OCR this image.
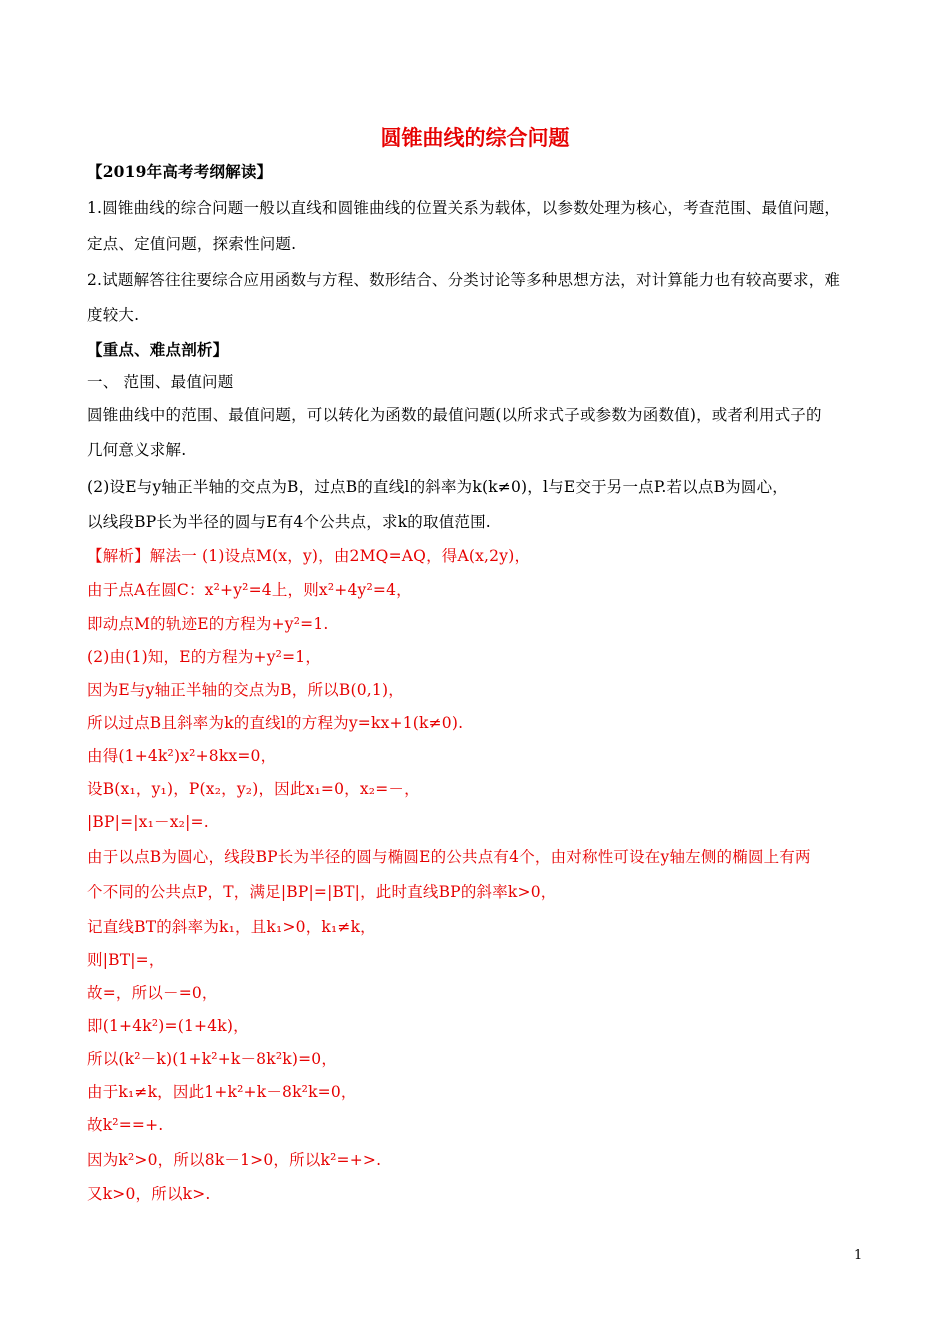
圆锥曲线的综合问题
【2019年高考考纲解读】
1.圆锥曲线的综合问题一般以直线和圆锥曲线的位置关系为载体，以参数处理为核心，考查范围、最值问题，
定点、定值问题，探索性问题.
2.试题解答往往要综合应用函数与方程、数形结合、分类讨论等多种思想方法，对计算能力也有较高要求，难
度较大.
【重点、难点剖析】
一、 范围、最值问题
圆锥曲线中的范围、最值问题，可以转化为函数的最值问题(以所求式子或参数为函数值)，或者利用式子的
几何意义求解.
(2)设E与y轴正半轴的交点为B，过点B的直线l的斜率为k(k≠0)，l与E交于另一点P.若以点B为圆心，
以线段BP长为半径的圆与E有4个公共点，求k的取值范围.
【解析】解法一 (1)设点M(x，y)，由2MQ=AQ，得A(x,2y)，
由于点A在圆C：x²+y²=4上，则x²+4y²=4，
即动点M的轨迹E的方程为+y²=1.
(2)由(1)知，E的方程为+y²=1，
因为E与y轴正半轴的交点为B，所以B(0,1)，
所以过点B且斜率为k的直线l的方程为y=kx+1(k≠0).
由得(1+4k²)x²+8kx=0，
设B(x₁，y₁)，P(x₂，y₂)，因此x₁=0，x₂=－，
|BP|=|x₁－x₂|=.
由于以点B为圆心，线段BP长为半径的圆与椭圆E的公共点有4个，由对称性可设在y轴左侧的椭圆上有两
个不同的公共点P，T，满足|BP|=|BT|，此时直线BP的斜率k>0，
记直线BT的斜率为k₁，且k₁>0，k₁≠k，
则|BT|=，
故=，所以－=0，
即(1+4k²)=(1+4k)，
所以(k²－k)(1+k²+k－8k²k)=0，
由于k₁≠k，因此1+k²+k－8k²k=0，
故k²==+.
因为k²>0，所以8k－1>0，所以k²=+>.
又k>0，所以k>.
1
